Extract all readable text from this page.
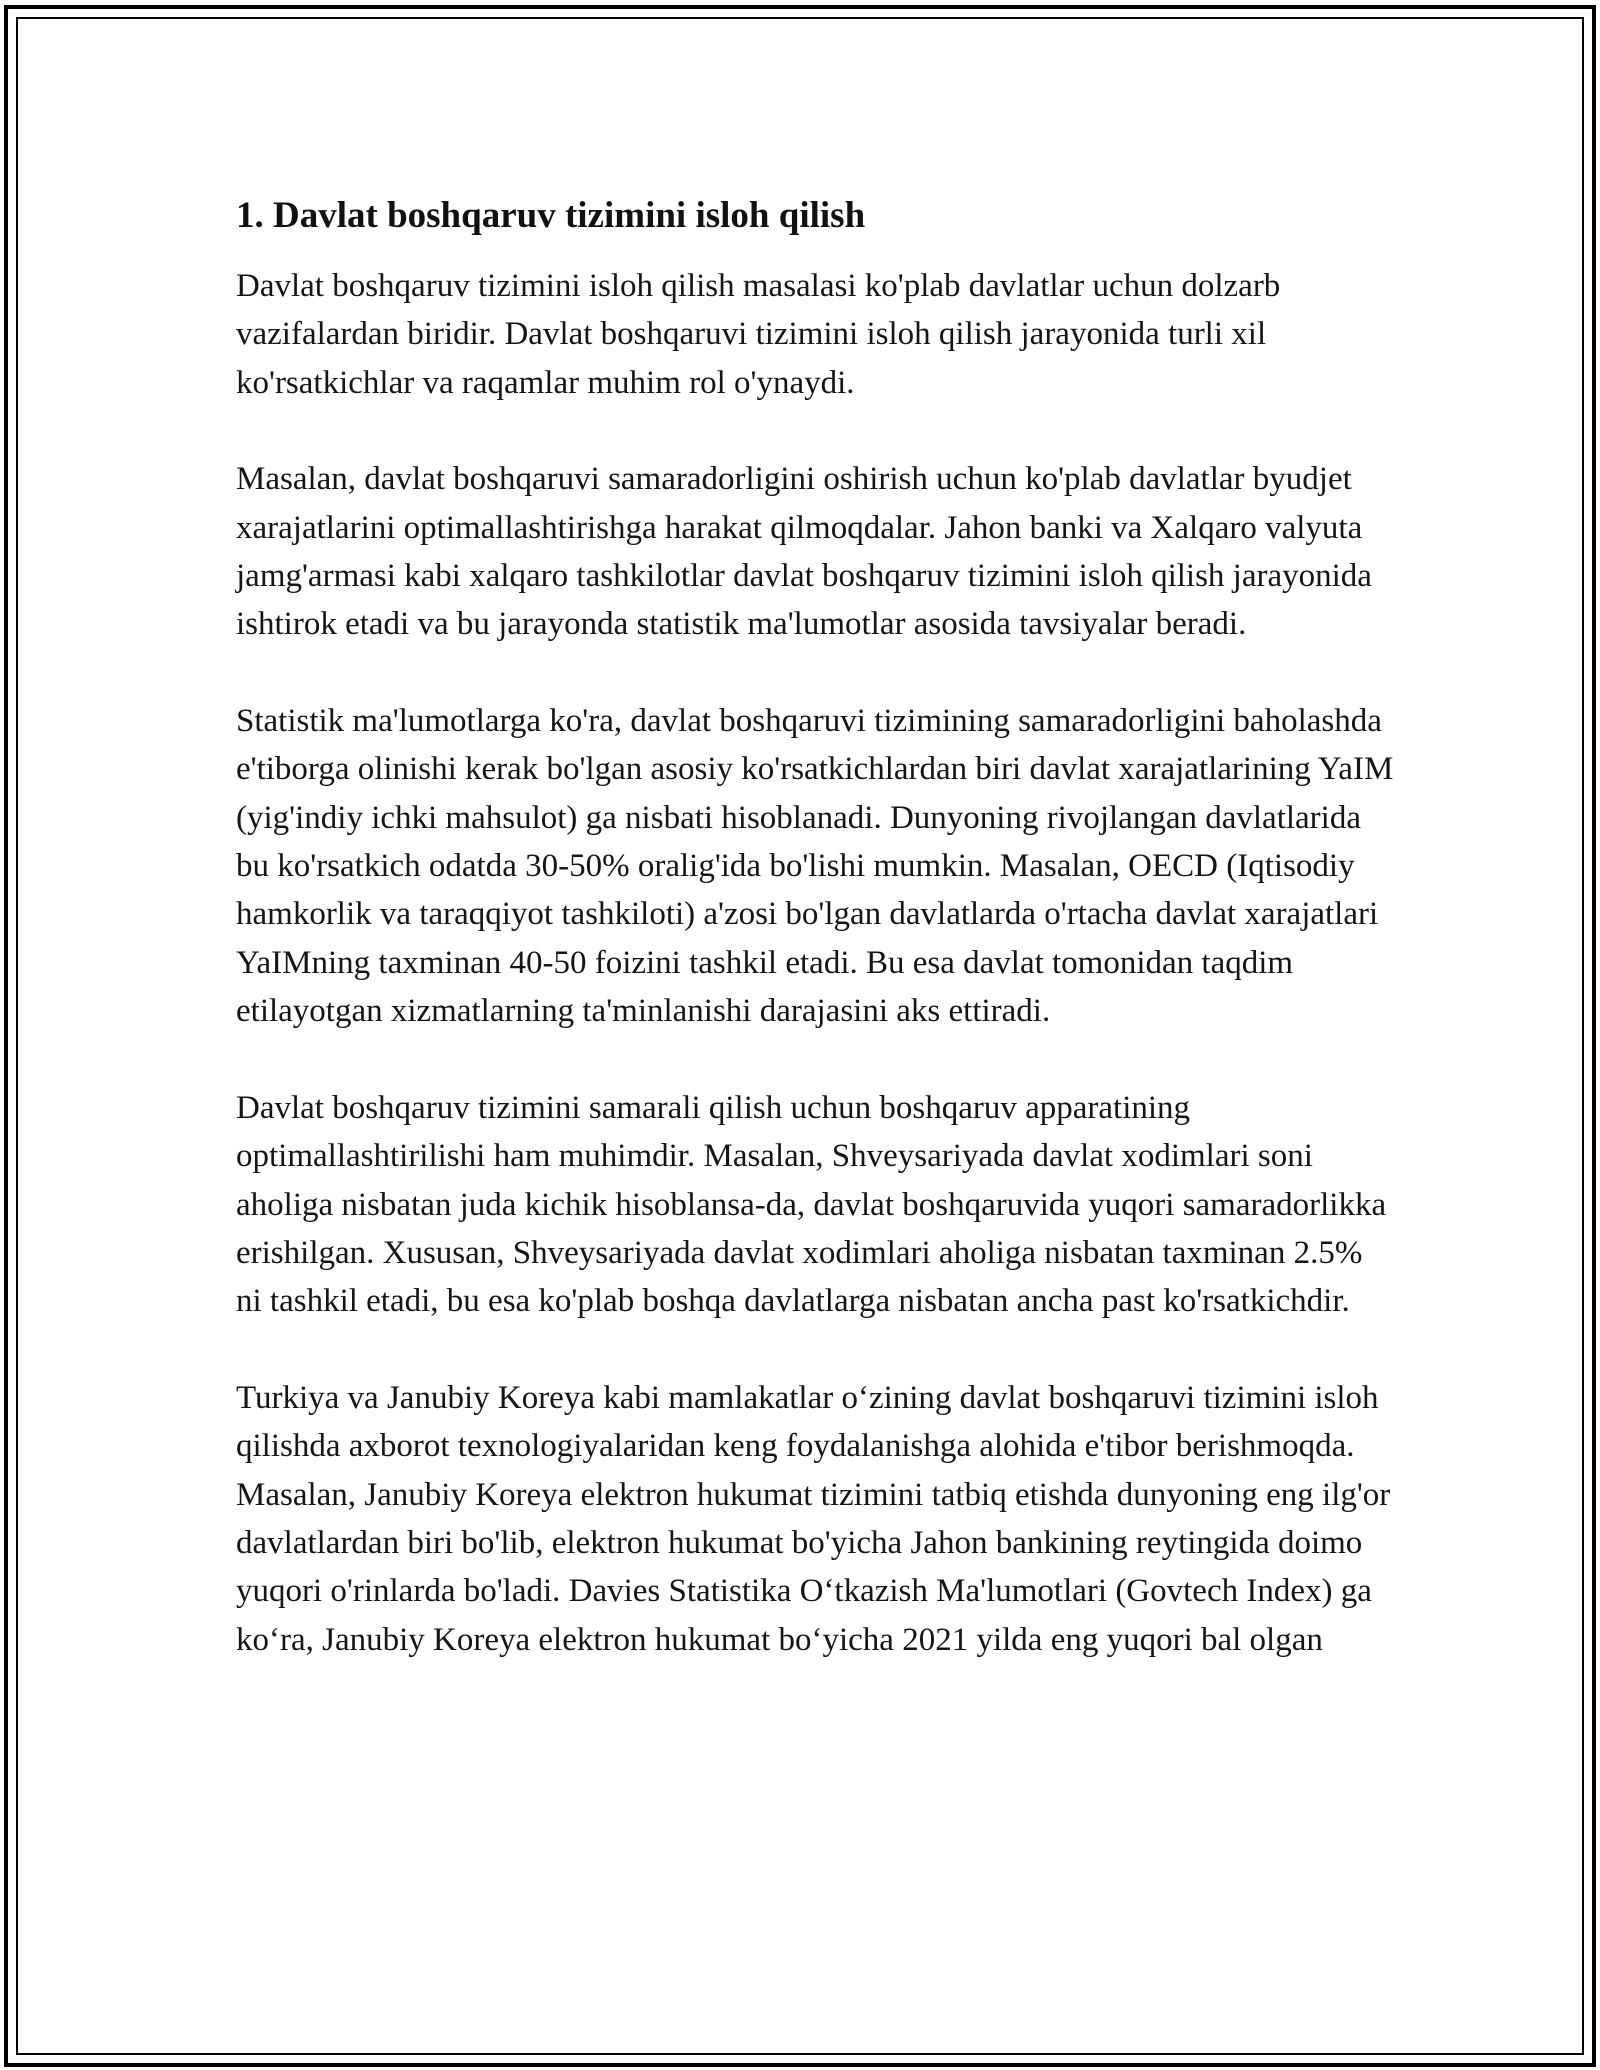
1. Davlat boshqaruv tizimini isloh qilish

Davlat boshqaruv tizimini isloh qilish masalasi ko'plab davlatlar uchun dolzarb vazifalardan biridir. Davlat boshqaruvi tizimini isloh qilish jarayonida turli xil ko'rsatkichlar va raqamlar muhim rol o'ynaydi.

Masalan, davlat boshqaruvi samaradorligini oshirish uchun ko'plab davlatlar byudjet xarajatlarini optimallashtirishga harakat qilmoqdalar. Jahon banki va Xalqaro valyuta jamg'armasi kabi xalqaro tashkilotlar davlat boshqaruv tizimini isloh qilish jarayonida ishtirok etadi va bu jarayonda statistik ma'lumotlar asosida tavsiyalar beradi.

Statistik ma'lumotlarga ko'ra, davlat boshqaruvi tizimining samaradorligini baholashda e'tiborga olinishi kerak bo'lgan asosiy ko'rsatkichlardan biri davlat xarajatlarining YaIM (yig'indiy ichki mahsulot) ga nisbati hisoblanadi. Dunyoning rivojlangan davlatlarida bu ko'rsatkich odatda 30-50% oralig'ida bo'lishi mumkin. Masalan, OECD (Iqtisodiy hamkorlik va taraqqiyot tashkiloti) a'zosi bo'lgan davlatlarda o'rtacha davlat xarajatlari YaIMning taxminan 40-50 foizini tashkil etadi. Bu esa davlat tomonidan taqdim etilayotgan xizmatlarning ta'minlanishi darajasini aks ettiradi.

Davlat boshqaruv tizimini samarali qilish uchun boshqaruv apparatining optimallashtirilishi ham muhimdir. Masalan, Shveysariyada davlat xodimlari soni aholiga nisbatan juda kichik hisoblansa-da, davlat boshqaruvida yuqori samaradorlikka erishilgan. Xususan, Shveysariyada davlat xodimlari aholiga nisbatan taxminan 2.5% ni tashkil etadi, bu esa ko'plab boshqa davlatlarga nisbatan ancha past ko'rsatkichdir.

Turkiya va Janubiy Koreya kabi mamlakatlar o‘zining davlat boshqaruvi tizimini isloh qilishda axborot texnologiyalaridan keng foydalanishga alohida e'tibor berishmoqda. Masalan, Janubiy Koreya elektron hukumat tizimini tatbiq etishda dunyoning eng ilg'or davlatlardan biri bo'lib, elektron hukumat bo'yicha Jahon bankining reytingida doimo yuqori o'rinlarda bo'ladi. Davies Statistika O‘tkazish Ma'lumotlari (Govtech Index) ga ko‘ra, Janubiy Koreya elektron hukumat bo‘yicha 2021 yilda eng yuqori bal olgan
